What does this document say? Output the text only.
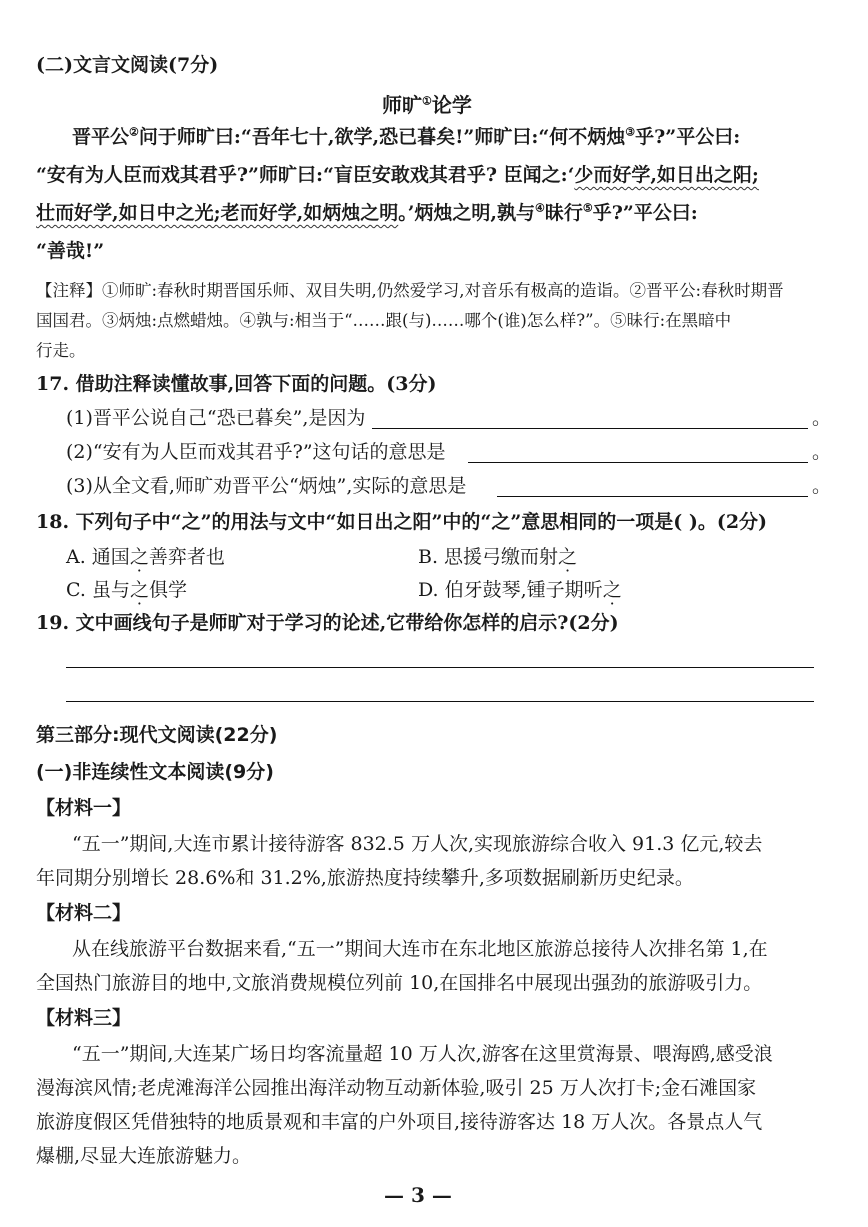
(二)文言文阅读(7分)
师旷①论学
晋平公②问于师旷曰:“吾年七十,欲学,恐已暮矣!”师旷曰:“何不炳烛③乎?”平公曰:
“安有为人臣而戏其君乎?”师旷曰:“盲臣安敢戏其君乎? 臣闻之:‘少而好学,如日出之阳;
壮而好学,如日中之光;老而好学,如炳烛之明。’炳烛之明,孰与④昧行⑤乎?”平公曰:
“善哉!”
【注释】①师旷:春秋时期晋国乐师、双目失明,仍然爱学习,对音乐有极高的造诣。②晋平公:春秋时期晋
国国君。③炳烛:点燃蜡烛。④孰与:相当于“……跟(与)……哪个(谁)怎么样?”。⑤昧行:在黑暗中
行走。
17. 借助注释读懂故事,回答下面的问题。(3分)
(1)晋平公说自己“恐已暮矣”,是因为	。
(2)“安有为人臣而戏其君乎?”这句话的意思是	。
(3)从全文看,师旷劝晋平公“炳烛”,实际的意思是	。
18. 下列句子中“之”的用法与文中“如日出之阳”中的“之”意思相同的一项是( )。(2分)
A. 通国之善弈者也	B. 思援弓缴而射之
C. 虽与之俱学	D. 伯牙鼓琴,锺子期听之
19. 文中画线句子是师旷对于学习的论述,它带给你怎样的启示?(2分)
第三部分:现代文阅读(22分)
(一)非连续性文本阅读(9分)
【材料一】
“五一”期间,大连市累计接待游客 832.5 万人次,实现旅游综合收入 91.3 亿元,较去
年同期分别增长 28.6%和 31.2%,旅游热度持续攀升,多项数据刷新历史纪录。
【材料二】
从在线旅游平台数据来看,“五一”期间大连市在东北地区旅游总接待人次排名第 1,在
全国热门旅游目的地中,文旅消费规模位列前 10,在国排名中展现出强劲的旅游吸引力。
【材料三】
“五一”期间,大连某广场日均客流量超 10 万人次,游客在这里赏海景、喂海鸥,感受浪
漫海滨风情;老虎滩海洋公园推出海洋动物互动新体验,吸引 25 万人次打卡;金石滩国家
旅游度假区凭借独特的地质景观和丰富的户外项目,接待游客达 18 万人次。各景点人气
爆棚,尽显大连旅游魅力。
— 3 —
